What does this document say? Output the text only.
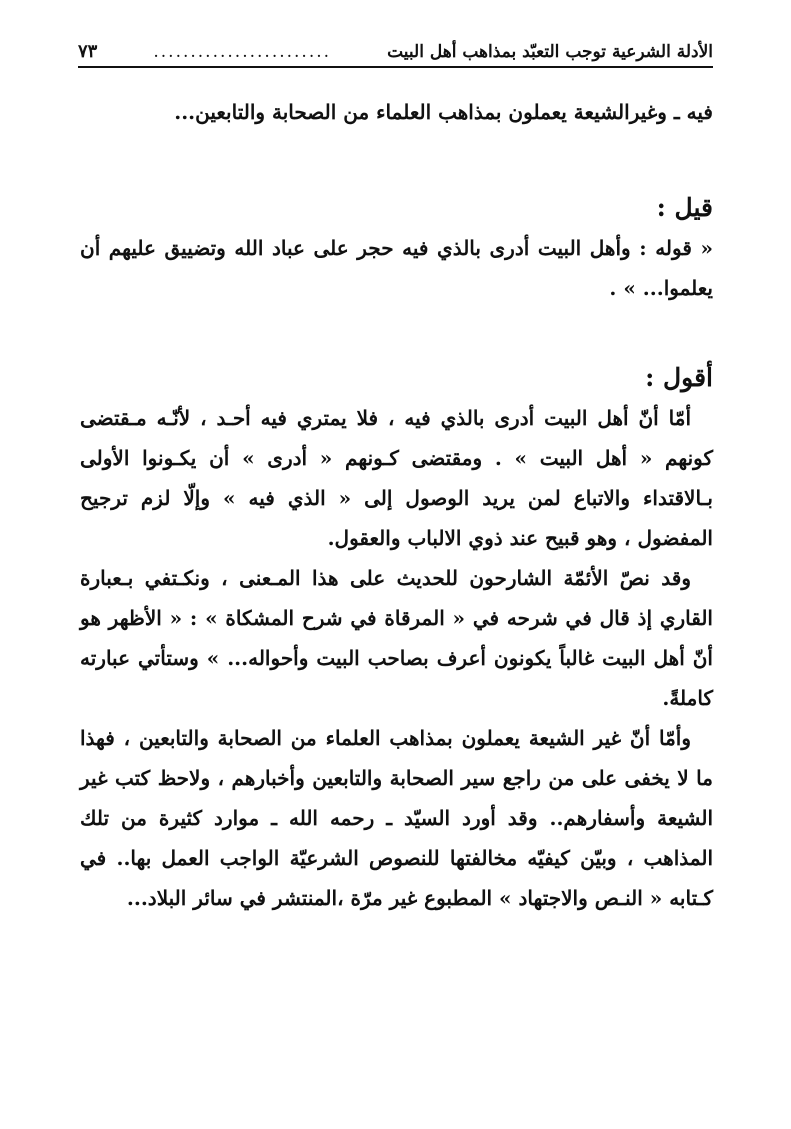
الأدلة الشرعية توجب التعبّد بمذاهب أهل البيت
........................
٧٣

فيه ـ وغيرالشيعة يعملون بمذاهب العلماء من الصحابة والتابعين...

قيل :

« قوله : وأهل البيت أدرى بالذي فيه حجر على عباد الله وتضييق عليهم أن يعلموا... » .

أقول :

أمّا أنّ أهل البيت أدرى بالذي فيه ، فلا يمتري فيه أحـد ، لأنّـه مـقتضى كونهم « أهل البيت » . ومقتضى كـونهم « أدرى » أن يكـونوا الأولى بـالاقتداء والاتباع لمن يريد الوصول إلى « الذي فيه » وإلّا لزم ترجيح المفضول ، وهو قبيح عند ذوي الالباب والعقول.

وقد نصّ الأئمّة الشارحون للحديث على هذا المـعنى ، ونكـتفي بـعبارة القاري إذ قال في شرحه في « المرقاة في شرح المشكاة » : « الأظهر هو أنّ أهل البيت غالباً يكونون أعرف بصاحب البيت وأحواله... » وستأتي عبارته كاملةً.

وأمّا أنّ غير الشيعة يعملون بمذاهب العلماء من الصحابة والتابعين ، فهذا ما لا يخفى على من راجع سير الصحابة والتابعين وأخبارهم ، ولاحظ كتب غير الشيعة وأسفارهم.. وقد أورد السيّد ـ رحمه الله ـ موارد كثيرة من تلك المذاهب ، وبيّن كيفيّه مخالفتها للنصوص الشرعيّة الواجب العمل بها.. في كـتابه « النـص والاجتهاد » المطبوع غير مرّة ،المنتشر في سائر البلاد...
